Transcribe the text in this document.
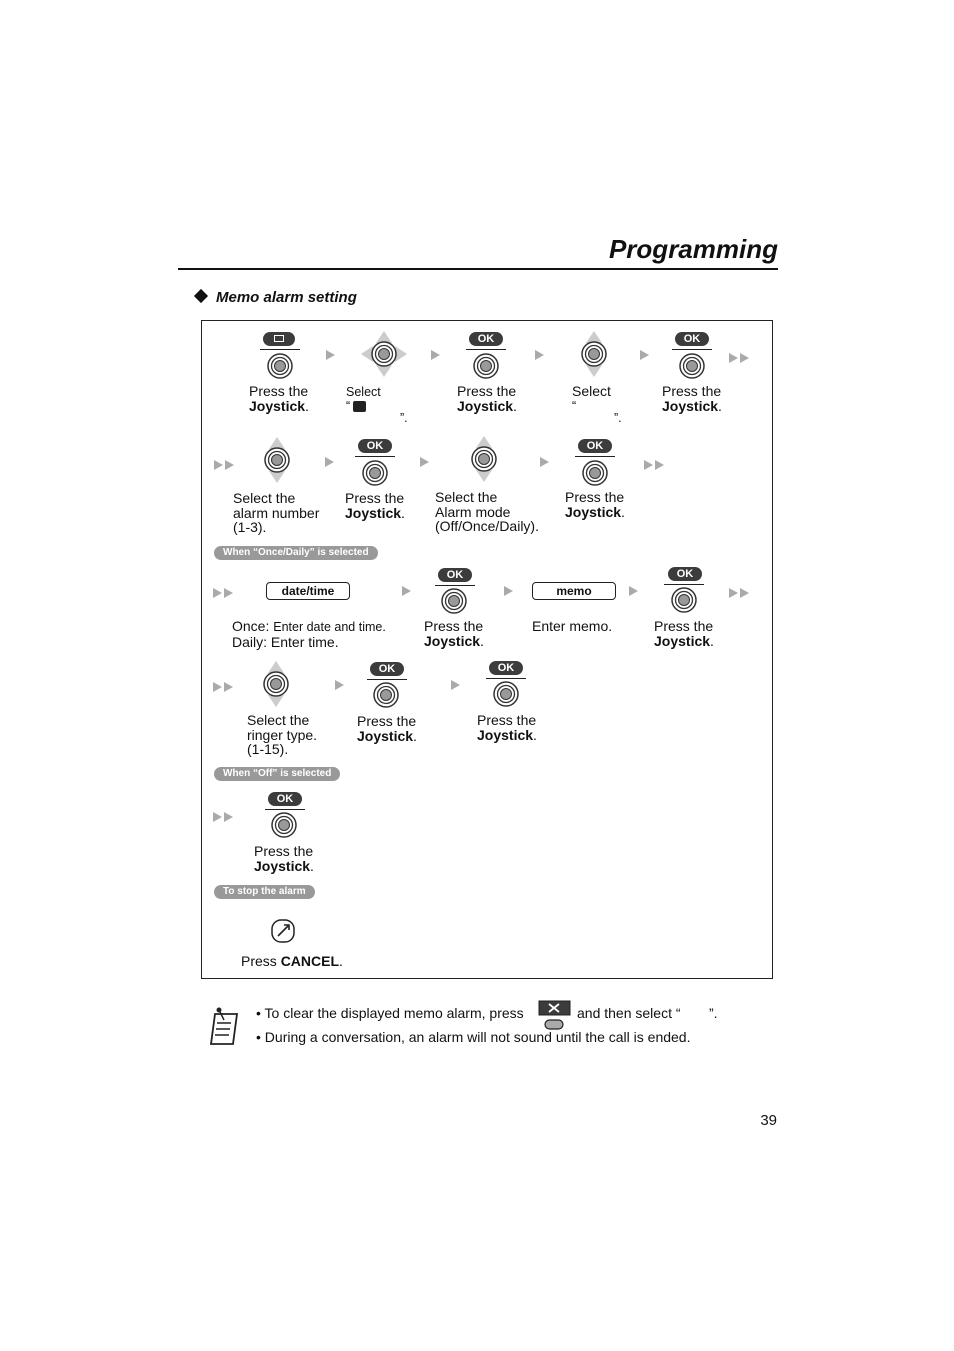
Programming
Memo alarm setting
Press the
Joystick.
Select
“
”.
OK
Press the
Joystick.
Select
“
”.
OK
Press the
Joystick.
Select the
alarm number
(1-3).
OK
Press the
Joystick.
Select the
Alarm mode
(Off/Once/Daily).
OK
Press the
Joystick.
When “Once/Daily” is selected
date/time
Once: Enter date and time.
Daily: Enter time.
OK
Press the
Joystick.
memo
Enter memo.
OK
Press the
Joystick.
Select the
ringer type.
(1-15).
OK
Press the
Joystick.
OK
Press the
Joystick.
When “Off” is selected
OK
Press the
Joystick.
To stop the alarm
Press CANCEL.
• To clear the displayed memo alarm, press	and then select “ ”.
• During a conversation, an alarm will not sound until the call is ended.
39
